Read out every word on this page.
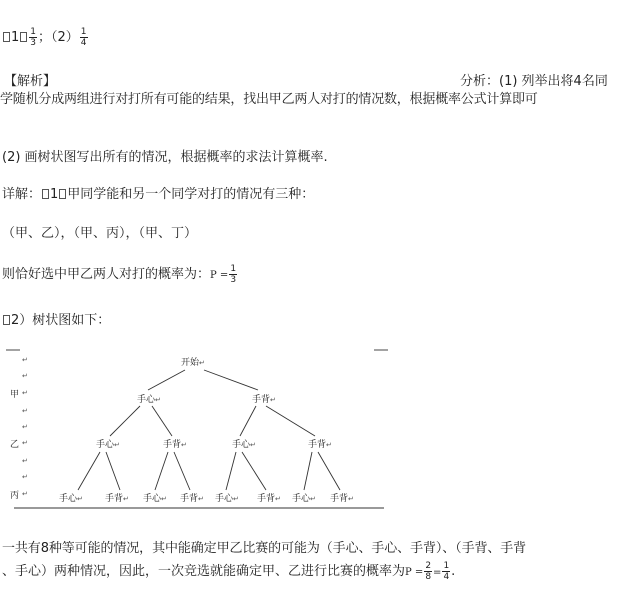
$1 \frac{1}{3}$ ；$(2) \frac{1}{4}$
【解析】	分析：(1) 列举出将4名同
学随机分成两组进行对打所有可能的结果，找出甲乙两人对打的情况数，根据概率公式计算即可
(2) 画树状图写出所有的情况，根据概率的求法计算概率.
详解： 1 甲同学能和另一个同学对打的情况有三种：
（甲、乙），（甲、丙），（甲、丁）
则恰好选中甲乙两人对打的概率为：$P = \frac{1}{3}$
2）树状图如下：
↵
↵
甲 ↵
↵
↵
乙 ↵
↵
↵
丙 ↵
开始 ↵
手心 ↵	手背 ↵
手心 ↵	手背 ↵	手心 ↵	手背 ↵
手心 ↵ 手背 ↵ 手心 ↵ 手背 ↵ 手心 ↵ 手背 ↵ 手心 ↵ 手背 ↵
一共有8种等可能的情况，其中能确定甲乙比赛的可能为（手心、手心、手背）、（手背、手背
、手心）两种情况，因此，一次竞选就能确定甲、乙进行比赛的概率为$P = \frac{2}{8} = \frac{1}{4}$ .
